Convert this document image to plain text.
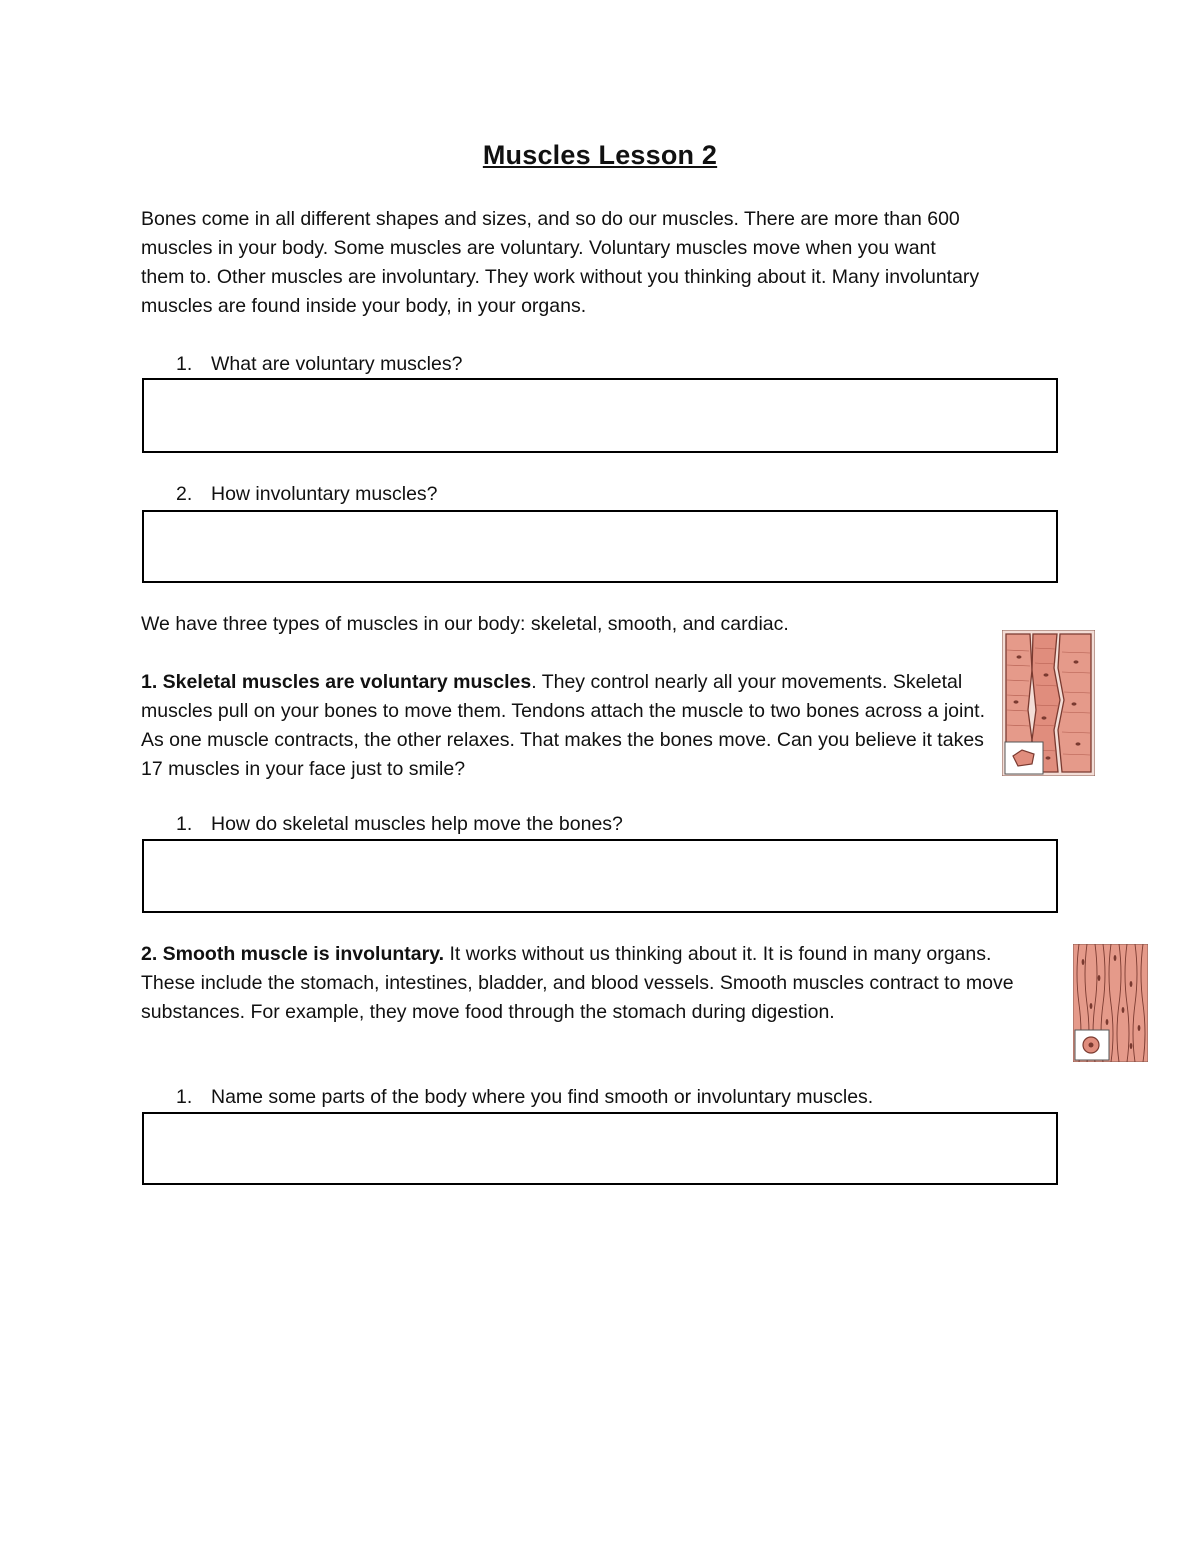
Muscles Lesson 2

Bones come in all different shapes and sizes, and so do our muscles. There are more than 600 muscles in your body. Some muscles are voluntary. Voluntary muscles move when you want them to. Other muscles are involuntary. They work without you thinking about it. Many involuntary muscles are found inside your body, in your organs.

1. What are voluntary muscles?
2. How involuntary muscles?

We have three types of muscles in our body: skeletal, smooth, and cardiac.

1. Skeletal muscles are voluntary muscles. They control nearly all your movements. Skeletal muscles pull on your bones to move them. Tendons attach the muscle to two bones across a joint. As one muscle contracts, the other relaxes. That makes the bones move. Can you believe it takes 17 muscles in your face just to smile?

1. How do skeletal muscles help move the bones?

2. Smooth muscle is involuntary. It works without us thinking about it. It is found in many organs. These include the stomach, intestines, bladder, and blood vessels. Smooth muscles contract to move substances. For example, they move food through the stomach during digestion.

1. Name some parts of the body where you find smooth or involuntary muscles.
